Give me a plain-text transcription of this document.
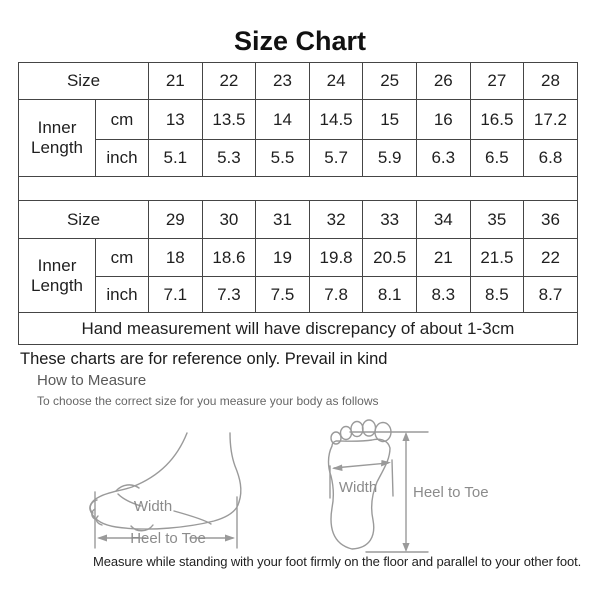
Size Chart
Size		21	22	23	24	25	26	27	28
Inner Length	cm	13	13.5	14	14.5	15	16	16.5	17.2
	inch	5.1	5.3	5.5	5.7	5.9	6.3	6.5	6.8

Size		29	30	31	32	33	34	35	36
Inner Length	cm	18	18.6	19	19.8	20.5	21	21.5	22
	inch	7.1	7.3	7.5	7.8	8.1	8.3	8.5	8.7
Hand measurement will have discrepancy of about 1-3cm									
These charts are for reference only. Prevail in kind
How to Measure
To choose the correct size for you measure your body as follows
Width
Heel to Toe
Width Heel to Toe
Measure while standing with your foot firmly on the floor and parallel to your other foot.
